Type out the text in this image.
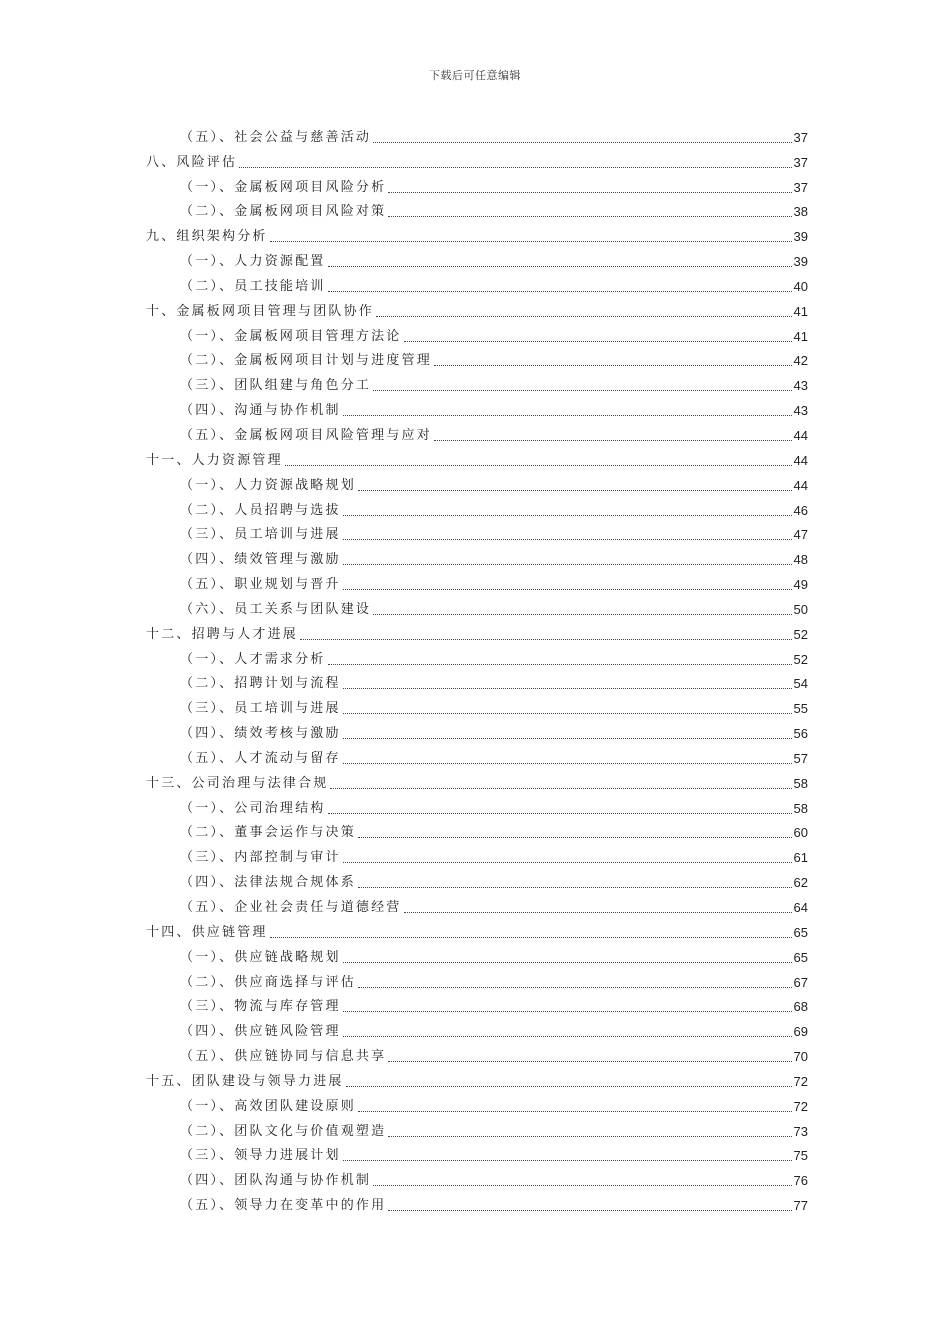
下载后可任意编辑
（五）、社会公益与慈善活动	37
八、风险评估	37
（一）、金属板网项目风险分析	37
（二）、金属板网项目风险对策	38
九、组织架构分析	39
（一）、人力资源配置	39
（二）、员工技能培训	40
十、金属板网项目管理与团队协作	41
（一）、金属板网项目管理方法论	41
（二）、金属板网项目计划与进度管理	42
（三）、团队组建与角色分工	43
（四）、沟通与协作机制	43
（五）、金属板网项目风险管理与应对	44
十一、人力资源管理	44
（一）、人力资源战略规划	44
（二）、人员招聘与选拔	46
（三）、员工培训与进展	47
（四）、绩效管理与激励	48
（五）、职业规划与晋升	49
（六）、员工关系与团队建设	50
十二、招聘与人才进展	52
（一）、人才需求分析	52
（二）、招聘计划与流程	54
（三）、员工培训与进展	55
（四）、绩效考核与激励	56
（五）、人才流动与留存	57
十三、公司治理与法律合规	58
（一）、公司治理结构	58
（二）、董事会运作与决策	60
（三）、内部控制与审计	61
（四）、法律法规合规体系	62
（五）、企业社会责任与道德经营	64
十四、供应链管理	65
（一）、供应链战略规划	65
（二）、供应商选择与评估	67
（三）、物流与库存管理	68
（四）、供应链风险管理	69
（五）、供应链协同与信息共享	70
十五、团队建设与领导力进展	72
（一）、高效团队建设原则	72
（二）、团队文化与价值观塑造	73
（三）、领导力进展计划	75
（四）、团队沟通与协作机制	76
（五）、领导力在变革中的作用	77
